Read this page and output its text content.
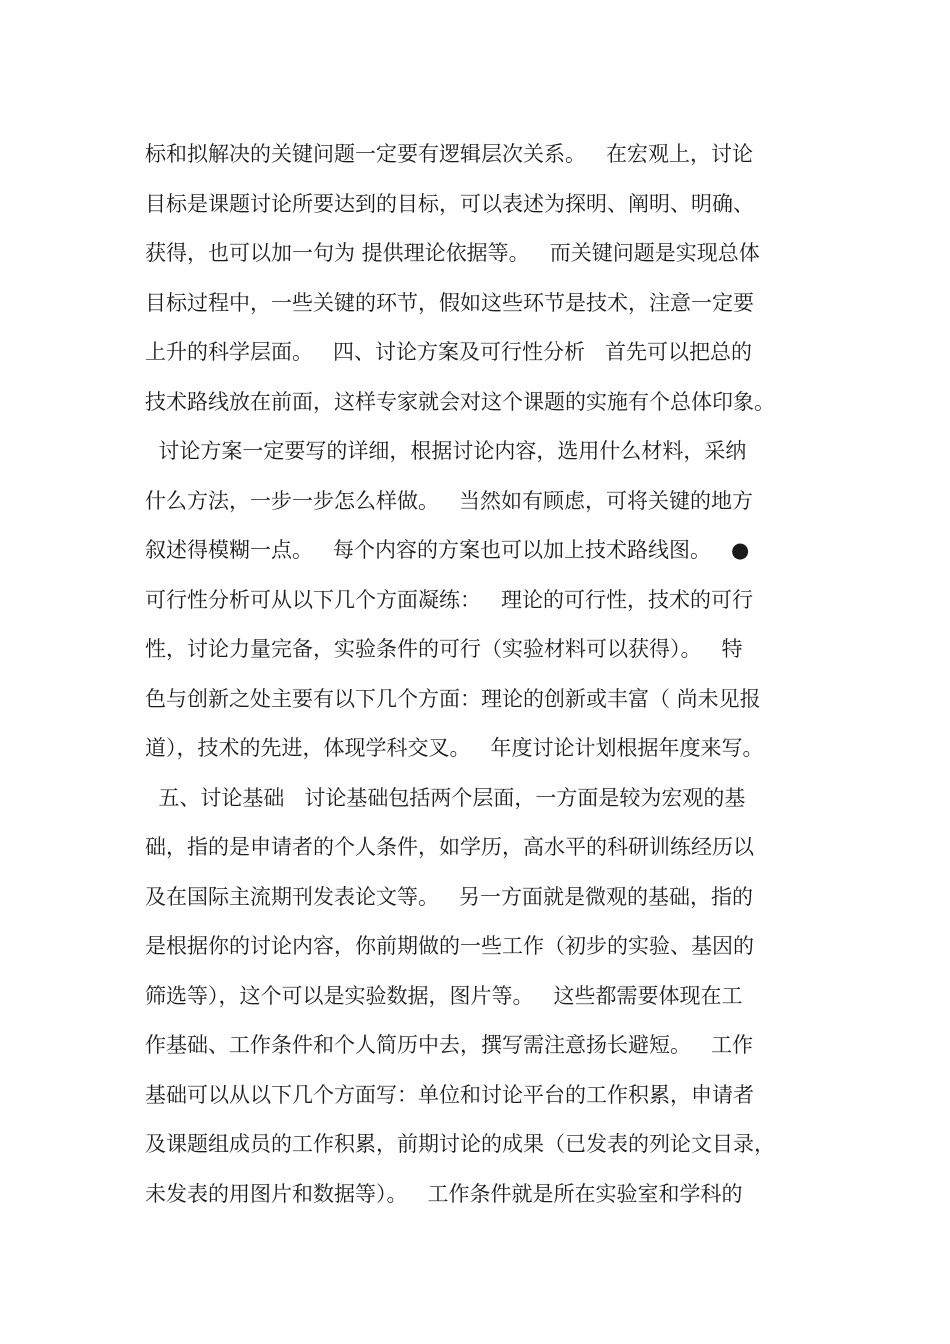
标和拟解决的关键问题一定要有逻辑层次关系。   在宏观上，讨论
目标是课题讨论所要达到的目标，可以表述为探明、阐明、明确、
获得，也可以加一句为 提供理论依据等。   而关键问题是实现总体
目标过程中，一些关键的环节，假如这些环节是技术，注意一定要
上升的科学层面。   四、讨论方案及可行性分析   首先可以把总的
技术路线放在前面，这样专家就会对这个课题的实施有个总体印象。
讨论方案一定要写的详细，根据讨论内容，选用什么材料，采纳
什么方法，一步一步怎么样做。   当然如有顾虑，可将关键的地方
叙述得模糊一点。   每个内容的方案也可以加上技术路线图。   ●
可行性分析可从以下几个方面凝练：   理论的可行性，技术的可行
性，讨论力量完备，实验条件的可行（实验材料可以获得）。   特
色与创新之处主要有以下几个方面：理论的创新或丰富（ 尚未见报
道），技术的先进，体现学科交叉。   年度讨论计划根据年度来写。
五、讨论基础   讨论基础包括两个层面，一方面是较为宏观的基
础，指的是申请者的个人条件，如学历，高水平的科研训练经历以
及在国际主流期刊发表论文等。   另一方面就是微观的基础，指的
是根据你的讨论内容，你前期做的一些工作（初步的实验、基因的
筛选等），这个可以是实验数据，图片等。   这些都需要体现在工
作基础、工作条件和个人简历中去，撰写需注意扬长避短。   工作
基础可以从以下几个方面写：单位和讨论平台的工作积累，申请者
及课题组成员的工作积累，前期讨论的成果（已发表的列论文目录，
未发表的用图片和数据等）。   工作条件就是所在实验室和学科的
